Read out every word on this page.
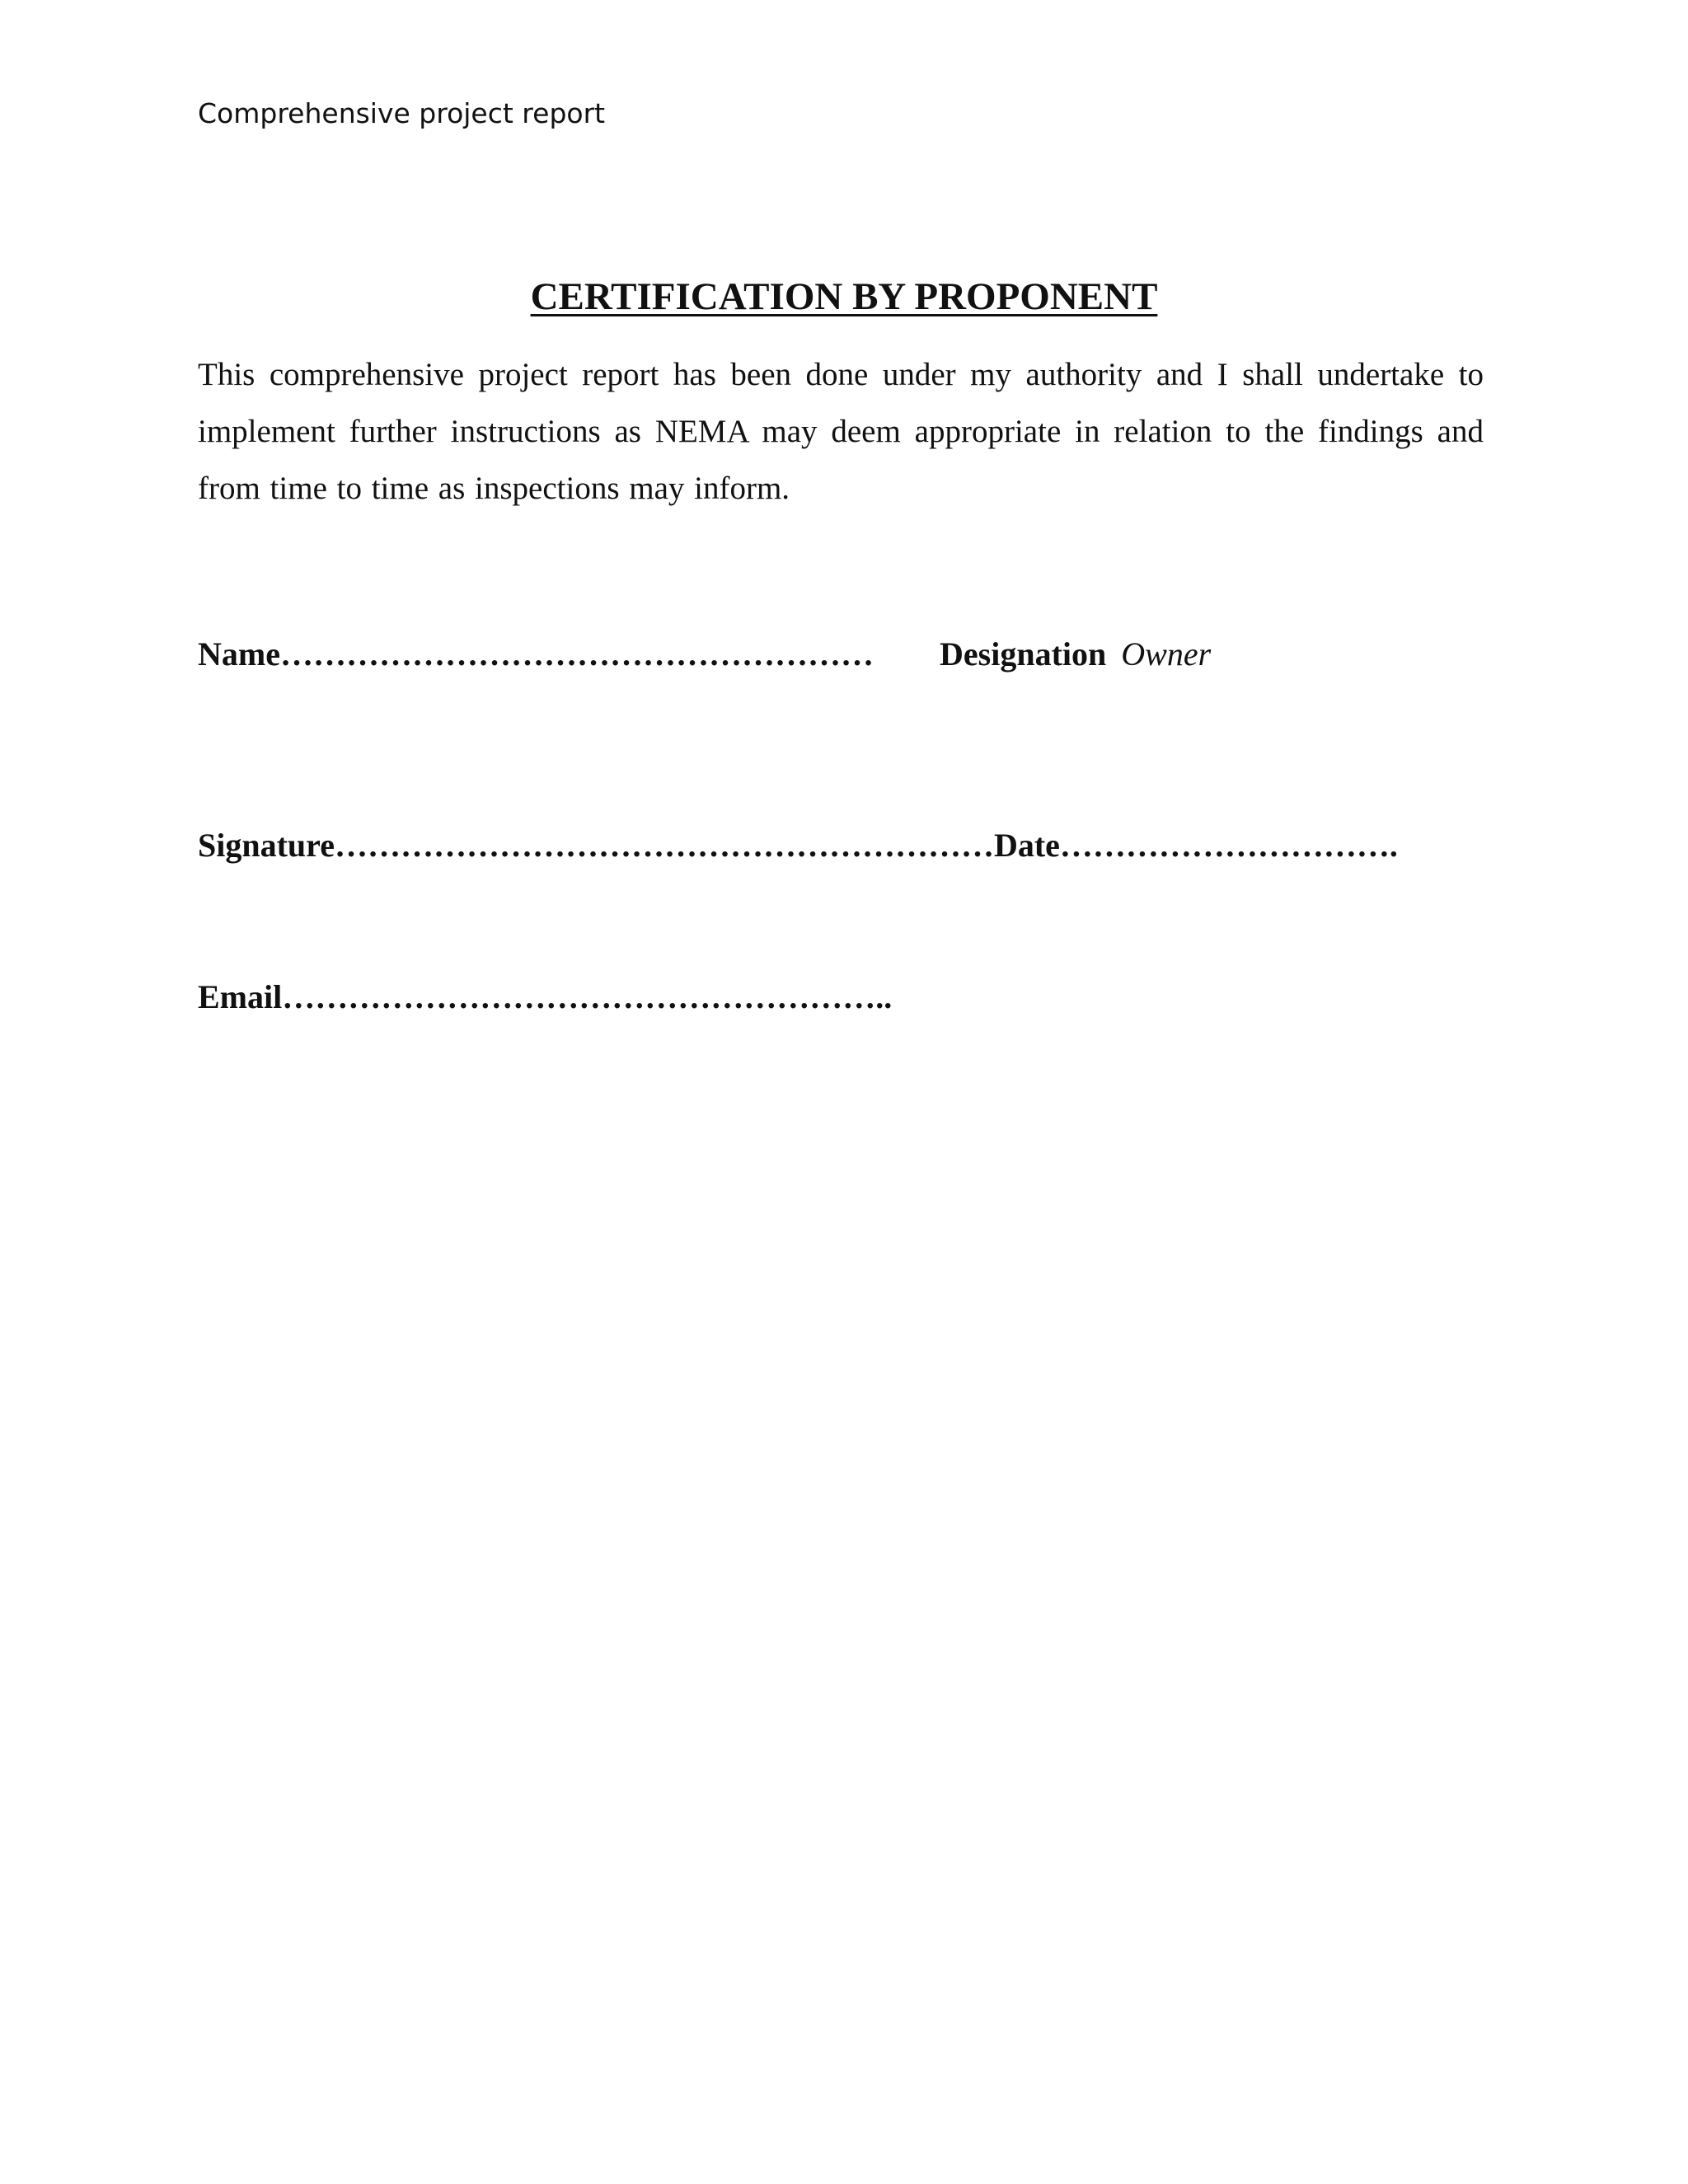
Comprehensive project report
CERTIFICATION BY PROPONENT
This comprehensive project report has been done under my authority and I shall undertake to implement further instructions as NEMA may deem appropriate in relation to the findings and from time to time as inspections may inform.
Name……………………………………………… Designation Owner
Signature……………………………………………………Date………………………….
Email………………………………………………..
